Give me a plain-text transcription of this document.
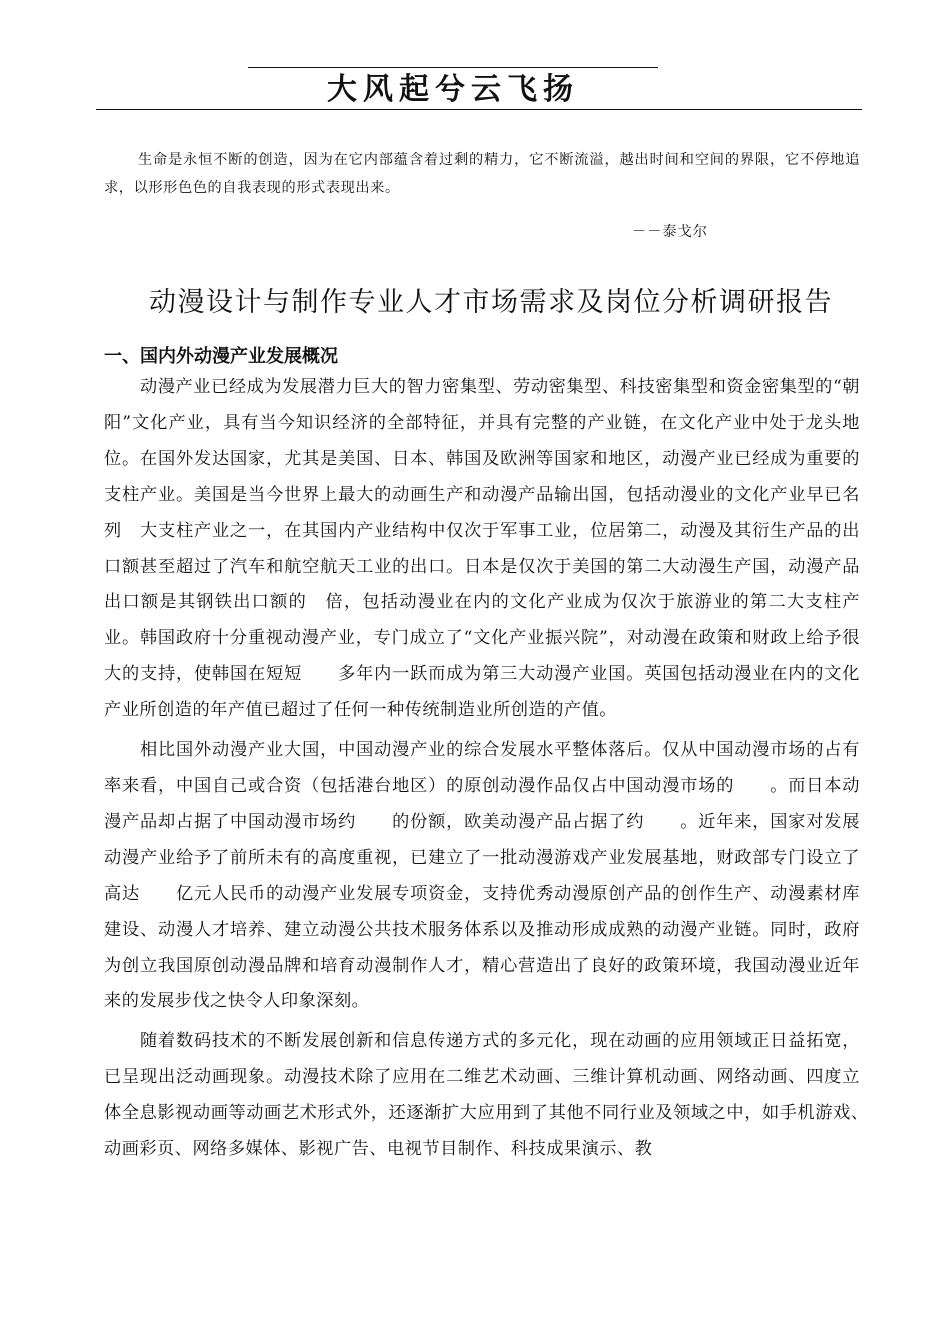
大风起兮云飞扬
生命是永恒不断的创造，因为在它内部蕴含着过剩的精力，它不断流溢，越出时间和空间的界限，它不停地追求，以形形色色的自我表现的形式表现出来。
－－泰戈尔
动漫设计与制作专业人才市场需求及岗位分析调研报告
一、国内外动漫产业发展概况

动漫产业已经成为发展潜力巨大的智力密集型、劳动密集型、科技密集型和资金密集型的“朝阳”文化产业，具有当今知识经济的全部特征，并具有完整的产业链，在文化产业中处于龙头地位。在国外发达国家，尤其是美国、日本、韩国及欧洲等国家和地区，动漫产业已经成为重要的支柱产业。美国是当今世界上最大的动画生产和动漫产品输出国，包括动漫业的文化产业早已名列　大支柱产业之一，在其国内产业结构中仅次于军事工业，位居第二，动漫及其衍生产品的出口额甚至超过了汽车和航空航天工业的出口。日本是仅次于美国的第二大动漫生产国，动漫产品出口额是其钢铁出口额的　倍，包括动漫业在内的文化产业成为仅次于旅游业的第二大支柱产业。韩国政府十分重视动漫产业，专门成立了“文化产业振兴院”，对动漫在政策和财政上给予很大的支持，使韩国在短短　　多年内一跃而成为第三大动漫产业国。英国包括动漫业在内的文化产业所创造的年产值已超过了任何一种传统制造业所创造的产值。

相比国外动漫产业大国，中国动漫产业的综合发展水平整体落后。仅从中国动漫市场的占有率来看，中国自己或合资（包括港台地区）的原创动漫作品仅占中国动漫市场的　　。而日本动漫产品却占据了中国动漫市场约　　的份额，欧美动漫产品占据了约　　。近年来，国家对发展动漫产业给予了前所未有的高度重视，已建立了一批动漫游戏产业发展基地，财政部专门设立了高达　　亿元人民币的动漫产业发展专项资金，支持优秀动漫原创产品的创作生产、动漫素材库建设、动漫人才培养、建立动漫公共技术服务体系以及推动形成成熟的动漫产业链。同时，政府为创立我国原创动漫品牌和培育动漫制作人才，精心营造出了良好的政策环境，我国动漫业近年来的发展步伐之快令人印象深刻。

随着数码技术的不断发展创新和信息传递方式的多元化，现在动画的应用领域正日益拓宽，已呈现出泛动画现象。动漫技术除了应用在二维艺术动画、三维计算机动画、网络动画、四度立体全息影视动画等动画艺术形式外，还逐渐扩大应用到了其他不同行业及领域之中，如手机游戏、　　　动画彩页、网络多媒体、影视广告、电视节目制作、科技成果演示、教
